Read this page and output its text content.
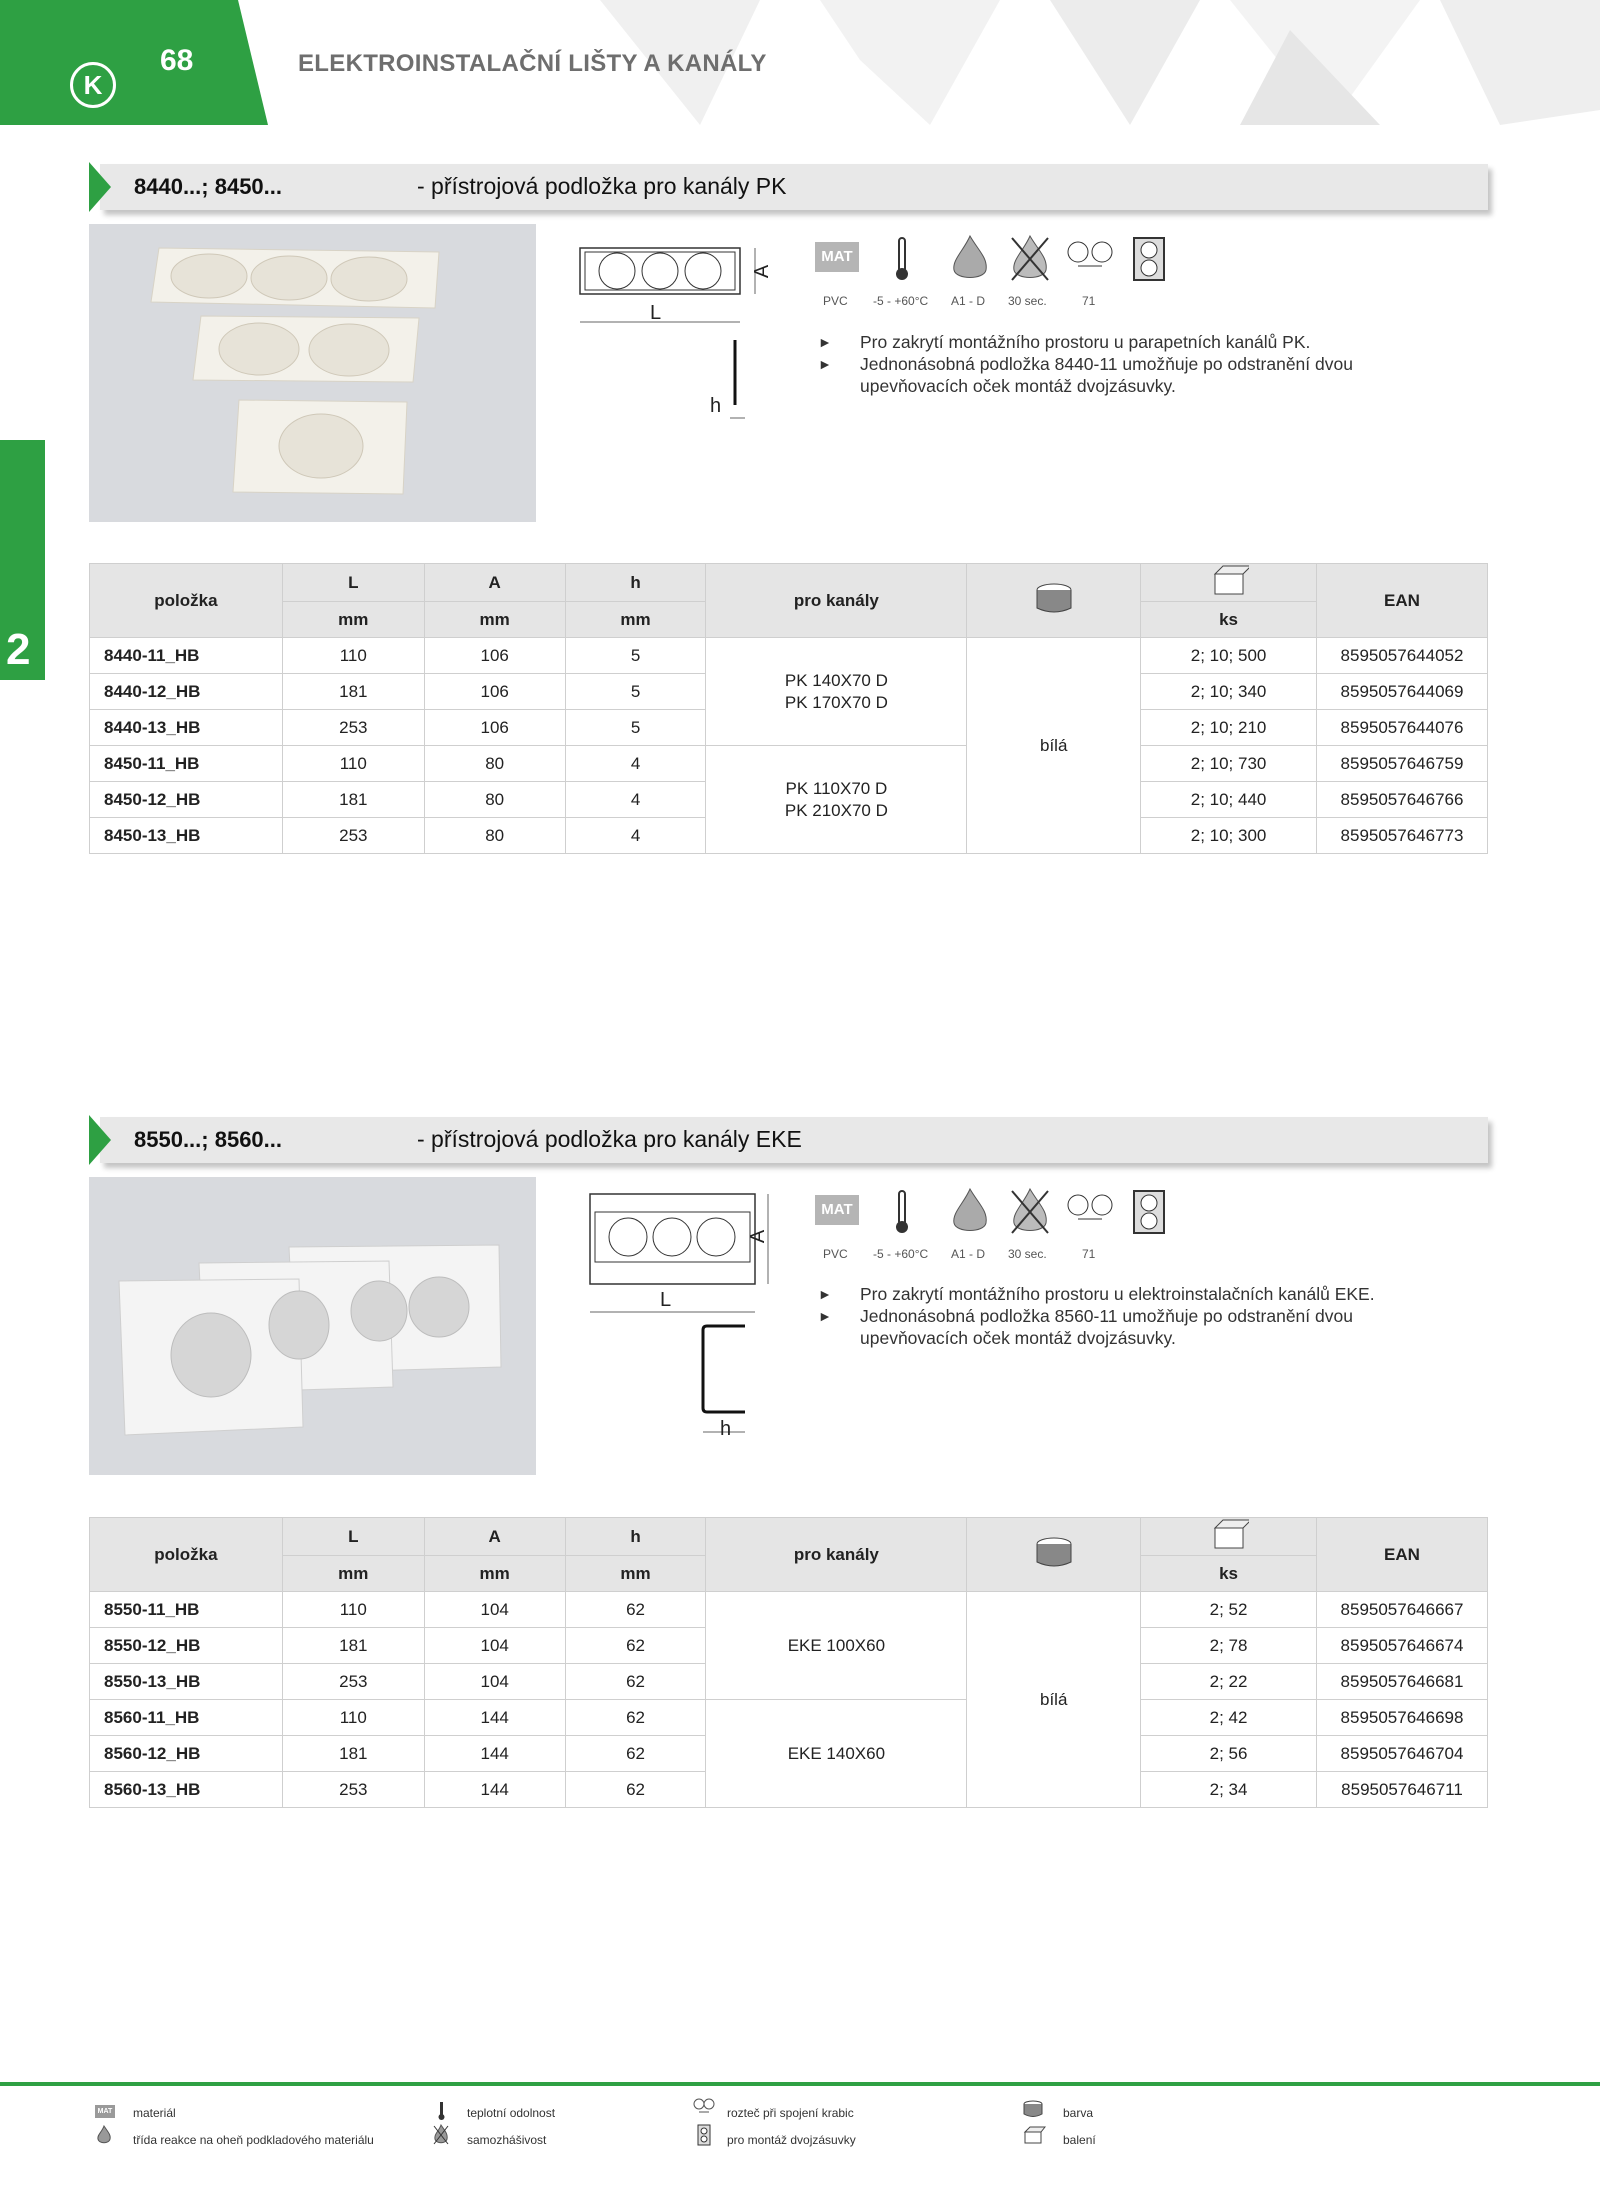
K
68	ELEKTROINSTALAČNÍ LIŠTY A KANÁLY
2
8440...; 8450...	- přístrojová podložka pro kanály PK
A
L
h
MAT
PVC -5 - +60°C A1 - D 30 sec.	71
► Pro zakrytí montážního prostoru u parapetních kanálů PK.
► Jednonásobná podložka 8440-11 umožňuje po odstranění dvou
upevňovacích oček montáž dvojzásuvky.
položka	L	A	h	pro kanály			EAN
	mm	mm	mm			ks	
8440-11_HB	110	106	5	PK 140X70 D
PK 170X70 D	bílá	2; 10; 500	8595057644052
8440-12_HB	181	106	5			2; 10; 340	8595057644069
8440-13_HB	253	106	5			2; 10; 210	8595057644076
8450-11_HB	110	80	4	PK 110X70 D
PK 210X70 D		2; 10; 730	8595057646759
8450-12_HB	181	80	4			2; 10; 440	8595057646766
8450-13_HB	253	80	4			2; 10; 300	8595057646773
8550...; 8560...	- přístrojová podložka pro kanály EKE
A
L
h
MAT
PVC -5 - +60°C A1 - D 30 sec.	71
► Pro zakrytí montážního prostoru u elektroinstalačních kanálů EKE.
► Jednonásobná podložka 8560-11 umožňuje po odstranění dvou
upevňovacích oček montáž dvojzásuvky.
položka	L	A	h	pro kanály			EAN
	mm	mm	mm			ks	
8550-11_HB	110	104	62	EKE 100X60	bílá	2; 52	8595057646667
8550-12_HB	181	104	62			2; 78	8595057646674
8550-13_HB	253	104	62			2; 22	8595057646681
8560-11_HB	110	144	62	EKE 140X60		2; 42	8595057646698
8560-12_HB	181	144	62			2; 56	8595057646704
8560-13_HB	253	144	62			2; 34	8595057646711
MAT materiál
třída reakce na oheň podkladového materiálu
teplotní odolnost
samozhášivost
rozteč při spojení krabic
pro montáž dvojzásuvky
barva
balení
